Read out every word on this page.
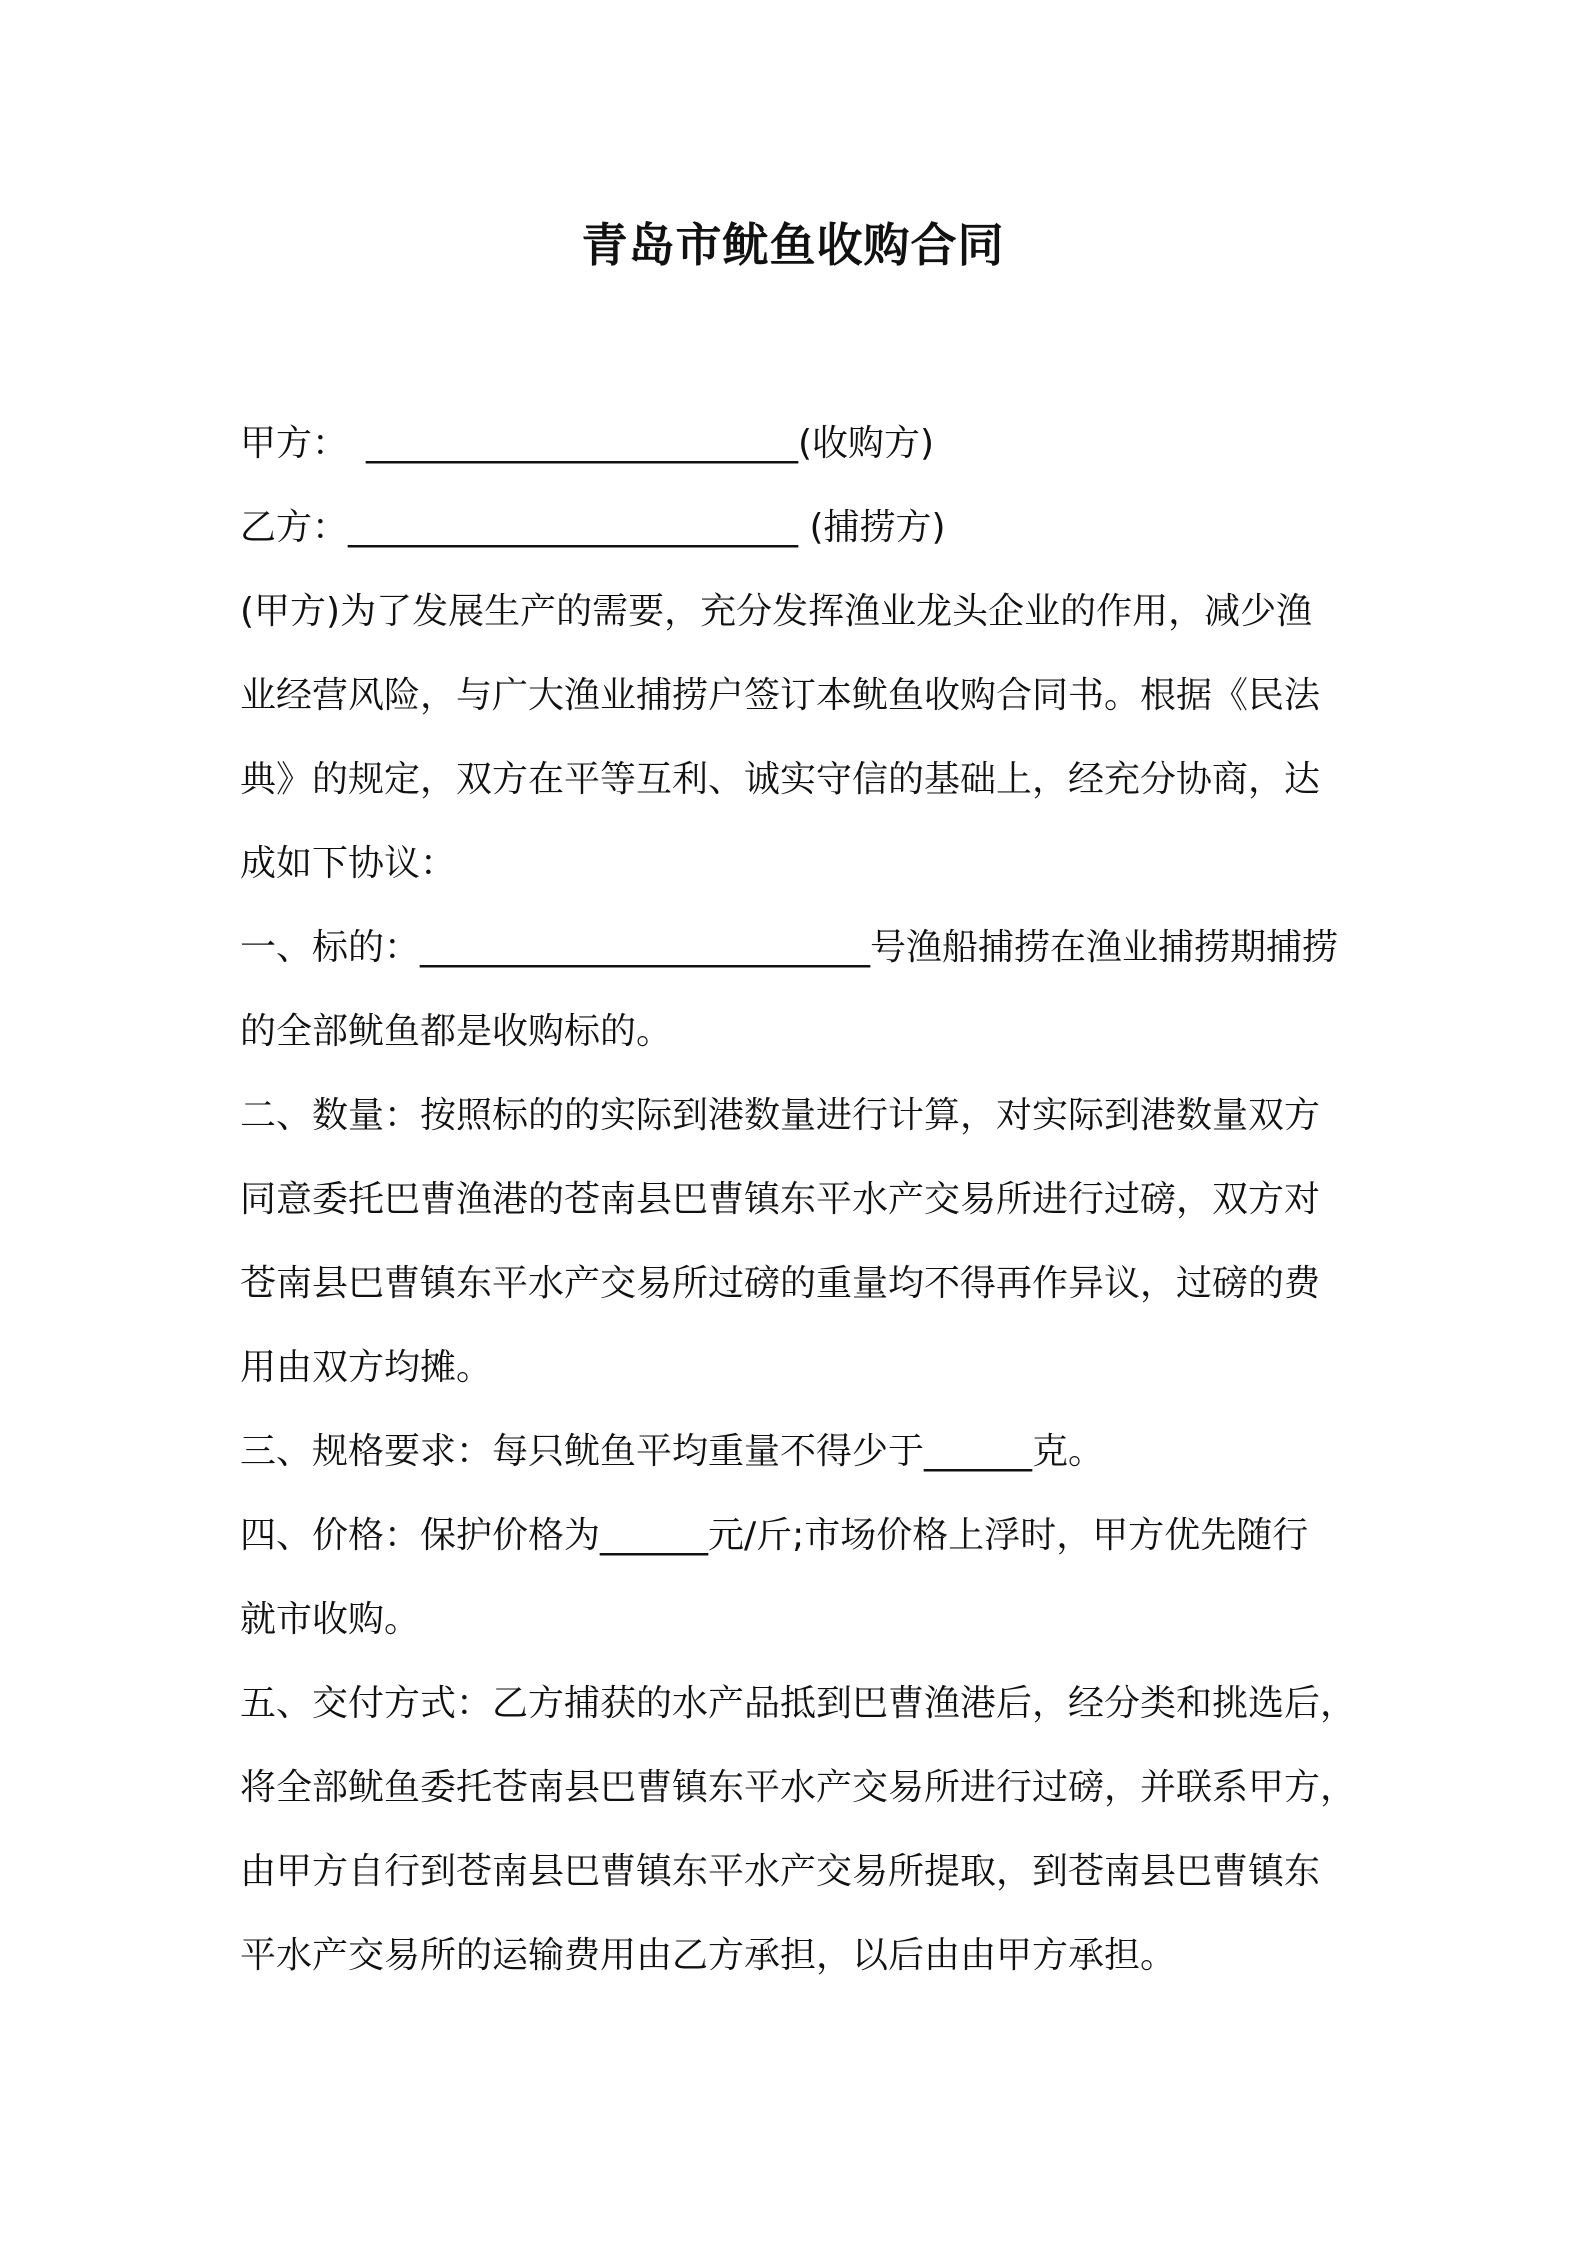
青岛市鱿鱼收购合同
甲方：　________________________(收购方)
乙方：_________________________ (捕捞方)
(甲方)为了发展生产的需要，充分发挥渔业龙头企业的作用，减少渔
业经营风险，与广大渔业捕捞户签订本鱿鱼收购合同书。根据《民法
典》的规定，双方在平等互利、诚实守信的基础上，经充分协商，达
成如下协议：
一、标的：_________________________号渔船捕捞在渔业捕捞期捕捞
的全部鱿鱼都是收购标的。
二、数量：按照标的的实际到港数量进行计算，对实际到港数量双方
同意委托巴曹渔港的苍南县巴曹镇东平水产交易所进行过磅，双方对
苍南县巴曹镇东平水产交易所过磅的重量均不得再作异议，过磅的费
用由双方均摊。
三、规格要求：每只鱿鱼平均重量不得少于______克。
四、价格：保护价格为______元/斤;市场价格上浮时，甲方优先随行
就市收购。
五、交付方式：乙方捕获的水产品抵到巴曹渔港后，经分类和挑选后，
将全部鱿鱼委托苍南县巴曹镇东平水产交易所进行过磅，并联系甲方，
由甲方自行到苍南县巴曹镇东平水产交易所提取，到苍南县巴曹镇东
平水产交易所的运输费用由乙方承担，以后由由甲方承担。
